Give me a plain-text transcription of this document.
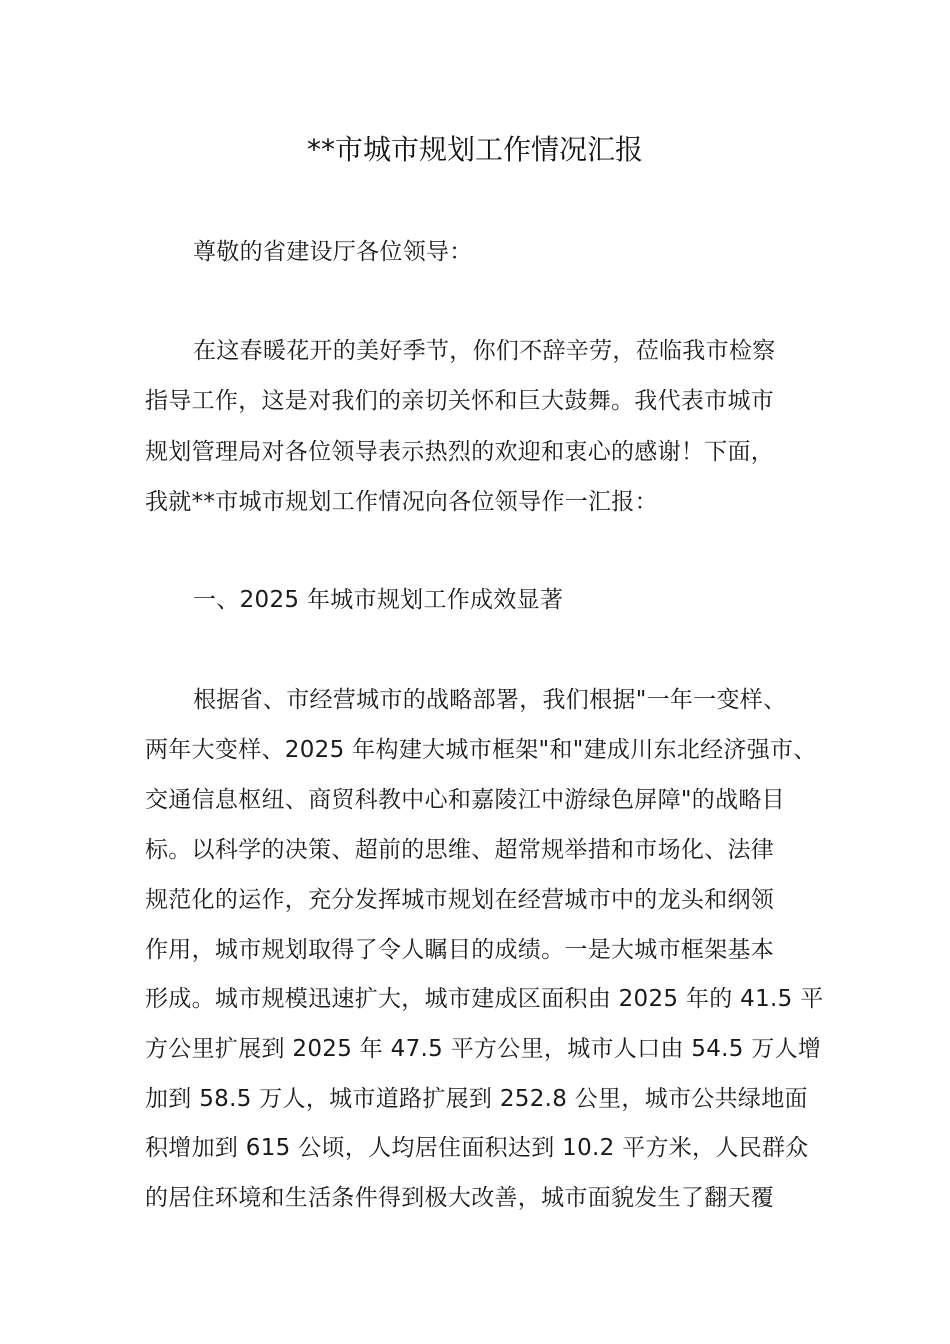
**市城市规划工作情况汇报

尊敬的省建设厅各位领导：

在这春暖花开的美好季节，你们不辞辛劳，莅临我市检察

指导工作，这是对我们的亲切关怀和巨大鼓舞。我代表市城市

规划管理局对各位领导表示热烈的欢迎和衷心的感谢！下面，

我就**市城市规划工作情况向各位领导作一汇报：

一、2025 年城市规划工作成效显著

根据省、市经营城市的战略部署，我们根据"一年一变样、

两年大变样、2025 年构建大城市框架"和"建成川东北经济强市、

交通信息枢纽、商贸科教中心和嘉陵江中游绿色屏障"的战略目

标。以科学的决策、超前的思维、超常规举措和市场化、法律

规范化的运作，充分发挥城市规划在经营城市中的龙头和纲领

作用，城市规划取得了令人瞩目的成绩。一是大城市框架基本

形成。城市规模迅速扩大，城市建成区面积由 2025 年的 41.5 平

方公里扩展到 2025 年 47.5 平方公里，城市人口由 54.5 万人增

加到 58.5 万人，城市道路扩展到 252.8 公里，城市公共绿地面

积增加到 615 公顷，人均居住面积达到 10.2 平方米，人民群众

的居住环境和生活条件得到极大改善，城市面貌发生了翻天覆
